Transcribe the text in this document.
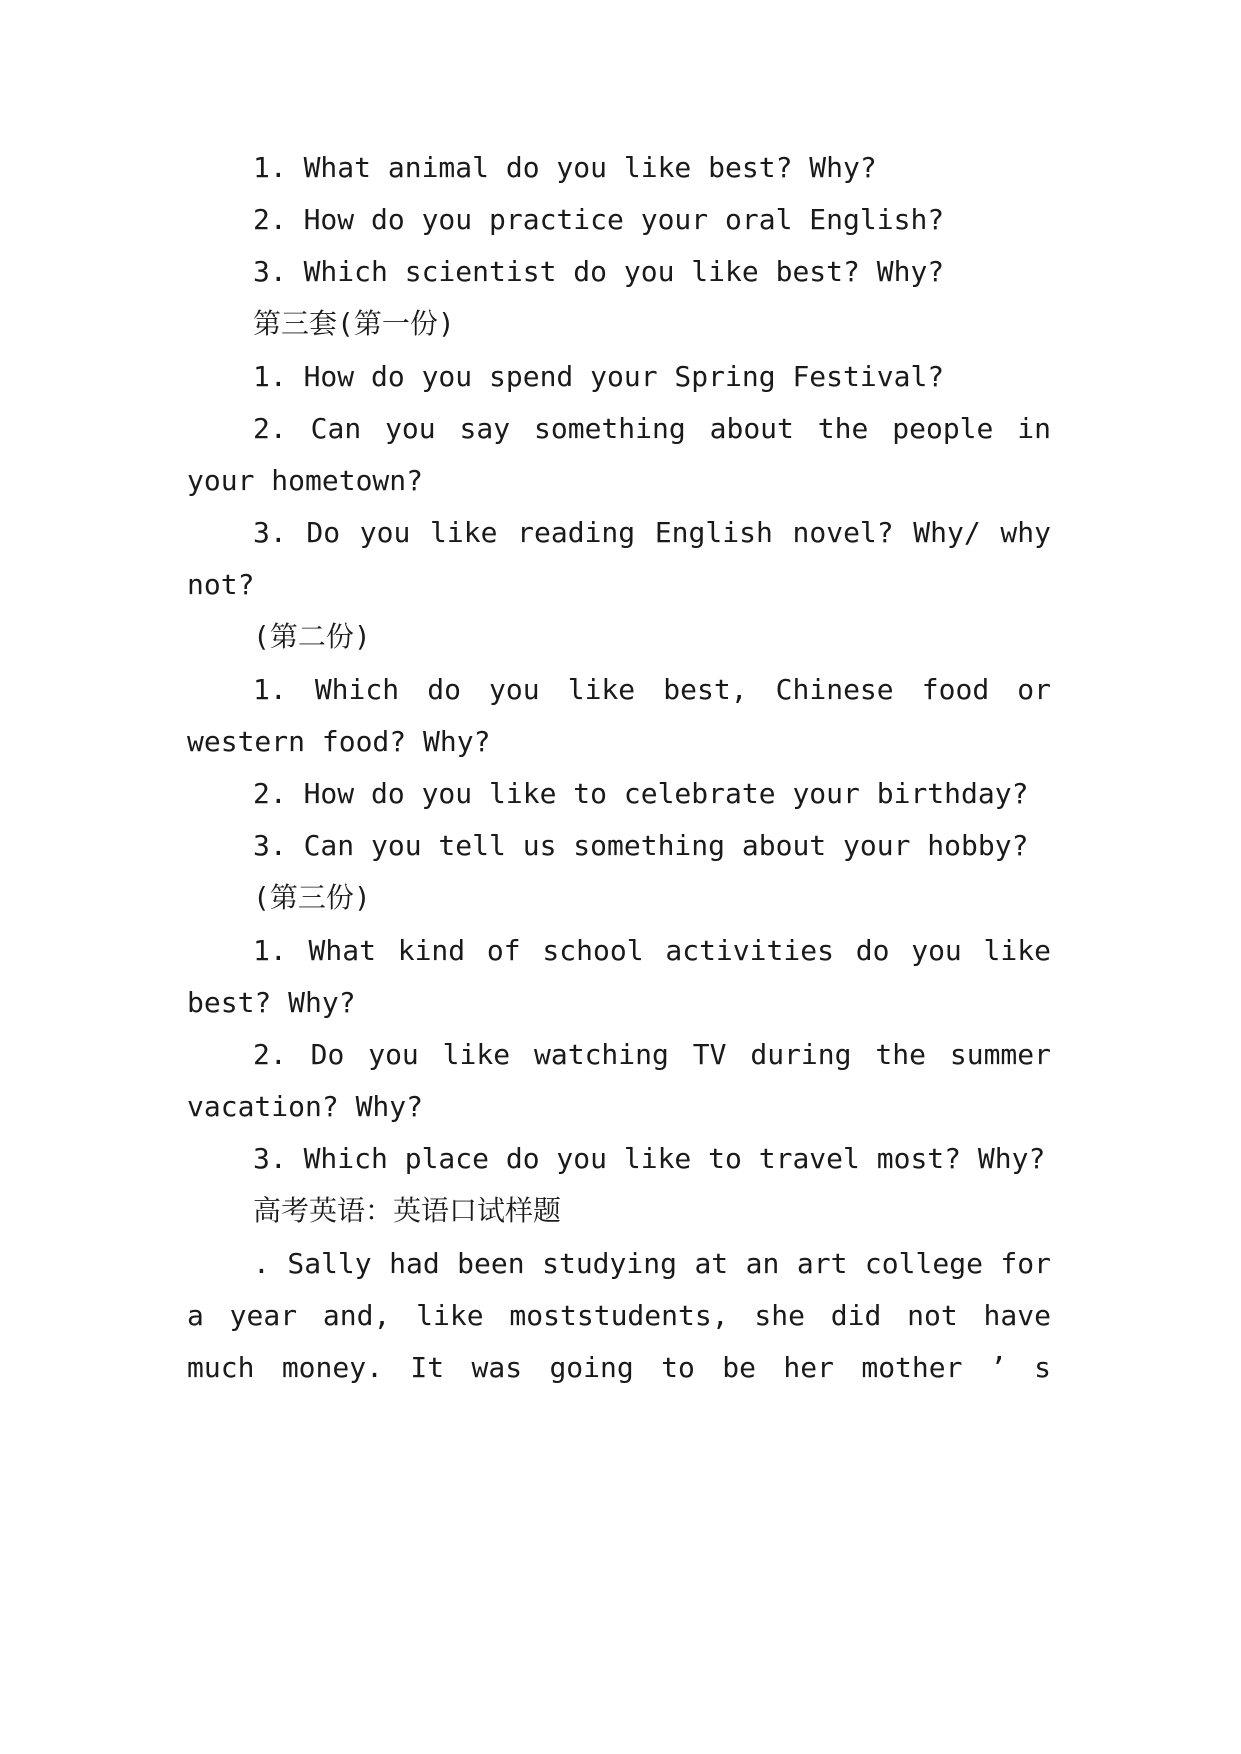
1. What animal do you like best? Why?
2. How do you practice your oral English?
3. Which scientist do you like best? Why?
第三套(第一份)
1. How do you spend your Spring Festival?
2. Can you say something about the people in
your hometown?
3. Do you like reading English novel? Why/ why
not?
(第二份)
1. Which do you like best, Chinese food or
western food? Why?
2. How do you like to celebrate your birthday?
3. Can you tell us something about your hobby?
(第三份)
1. What kind of school activities do you like
best? Why?
2. Do you like watching TV during the summer
vacation? Why?
3. Which place do you like to travel most? Why?
高考英语：英语口试样题
. Sally had been studying at an art college for
a year and, like moststudents, she did not have
much money. It was going to be her mother ’ s
